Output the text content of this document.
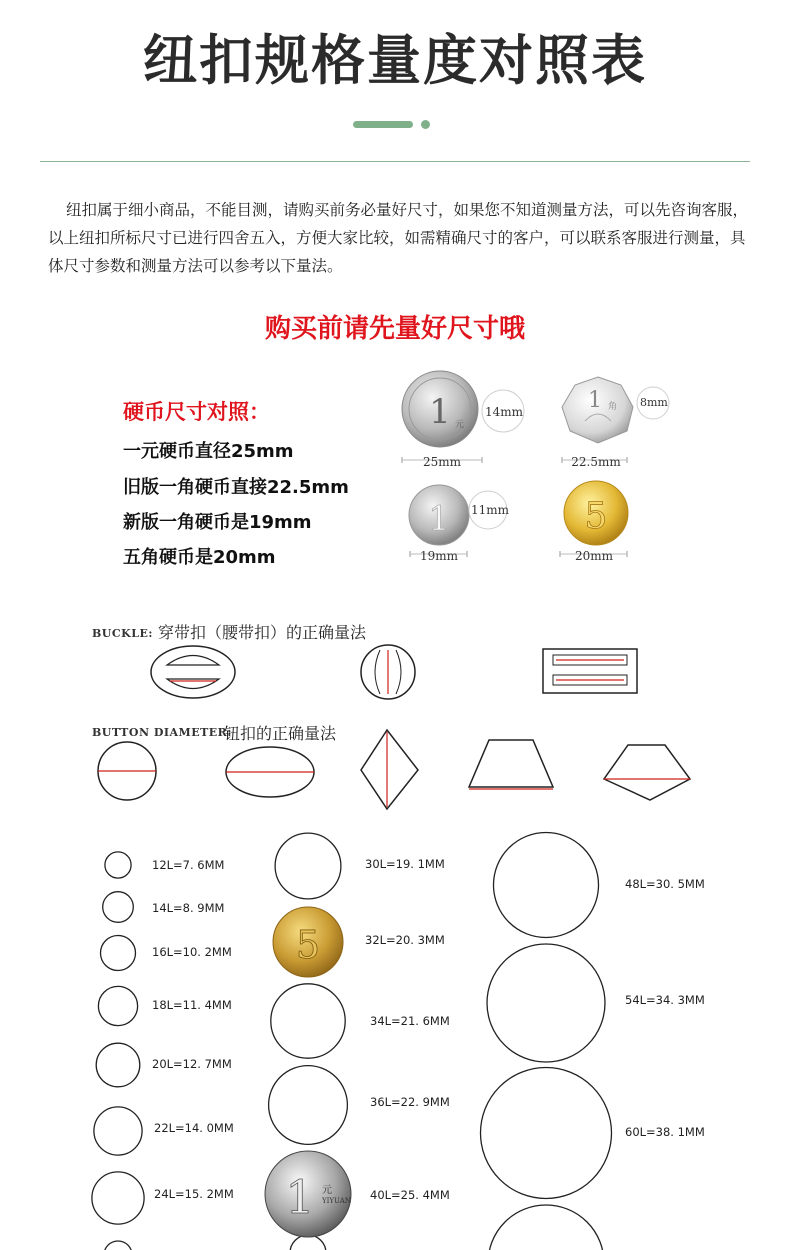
纽扣规格量度对照表
纽扣属于细小商品，不能目测，请购买前务必量好尺寸，如果您不知道测量方法，可以先咨询客服，以上纽扣所标尺寸已进行四舍五入，方便大家比较，如需精确尺寸的客户，可以联系客服进行测量，具体尺寸参数和测量方法可以参考以下量法。
购买前请先量好尺寸哦
硬币尺寸对照：
一元硬币直径25mm
旧版一角硬币直接22.5mm
新版一角硬币是19mm
五角硬币是20mm
1 元
14mm
25mm
1 角 8mm
22.5mm
1 11mm
19mm
5
20mm
BUCKLE: 穿带扣（腰带扣）的正确量法
BUTTON DIAMETER:
钮扣的正确量法
5
1 元
YIYUAN
12L=7. 6MM
14L=8. 9MM
16L=10. 2MM
18L=11. 4MM
20L=12. 7MM
22L=14. 0MM
24L=15. 2MM
30L=19. 1MM
32L=20. 3MM
34L=21. 6MM
36L=22. 9MM
40L=25. 4MM
48L=30. 5MM
54L=34. 3MM
60L=38. 1MM
